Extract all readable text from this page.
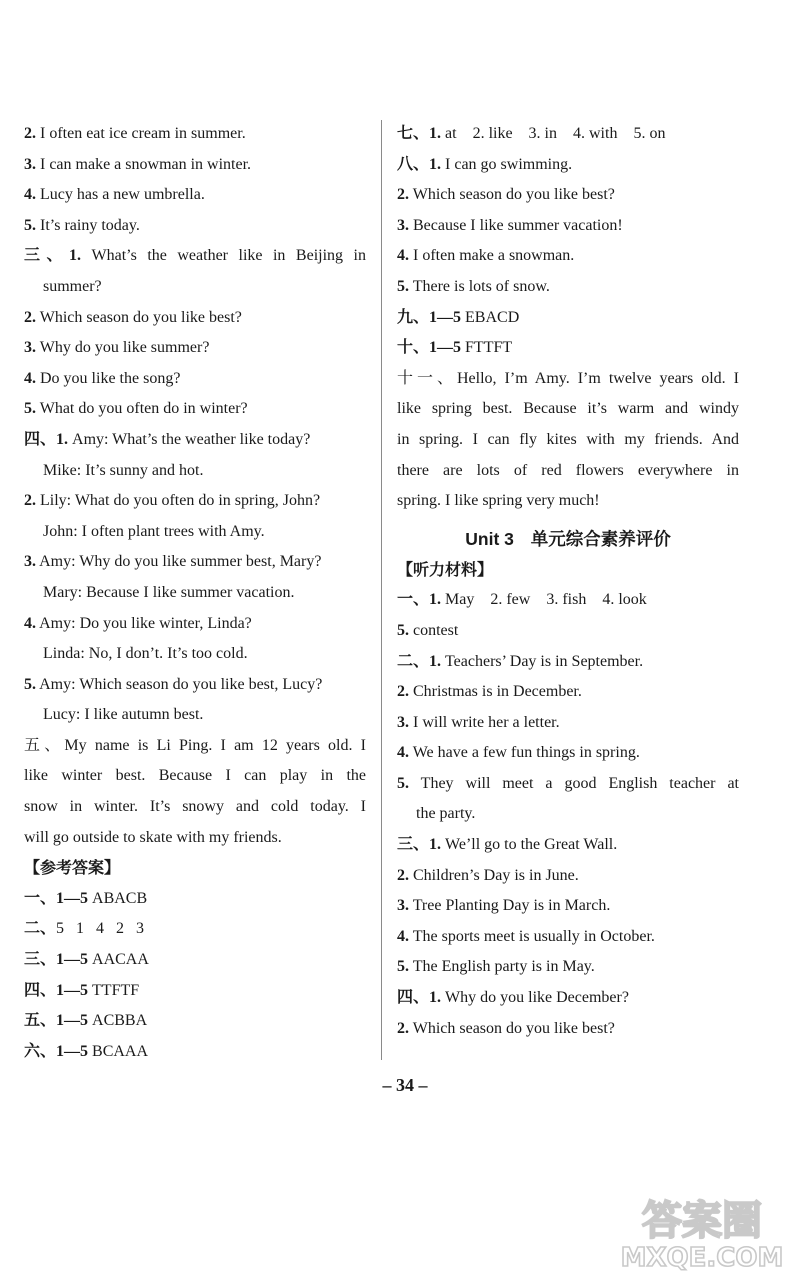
2. I often eat ice cream in summer.
3. I can make a snowman in winter.
4. Lucy has a new umbrella.
5. It’s rainy today.
三、1. What’s the weather like in Beijing in
summer?
2. Which season do you like best?
3. Why do you like summer?
4. Do you like the song?
5. What do you often do in winter?
四、1. Amy: What’s the weather like today?
Mike: It’s sunny and hot.
2. Lily: What do you often do in spring, John?
John: I often plant trees with Amy.
3. Amy: Why do you like summer best, Mary?
Mary: Because I like summer vacation.
4. Amy: Do you like winter, Linda?
Linda: No, I don’t. It’s too cold.
5. Amy: Which season do you like best, Lucy?
Lucy: I like autumn best.
五、My name is Li Ping. I am 12 years old. I
like winter best. Because I can play in the
snow in winter. It’s snowy and cold today. I
will go outside to skate with my friends.
【参考答案】
一、1—5 ABACB
二、5   1   4   2   3
三、1—5 AACAA
四、1—5 TTFTF
五、1—5 ACBBA
六、1—5 BCAAA
七、1. at    2. like    3. in    4. with    5. on
八、1. I can go swimming.
2. Which season do you like best?
3. Because I like summer vacation!
4. I often make a snowman.
5. There is lots of snow.
九、1—5 EBACD
十、1—5 FTTFT
十一、Hello, I’m Amy. I’m twelve years old. I
like spring best. Because it’s warm and windy
in spring. I can fly kites with my friends. And
there are lots of red flowers everywhere in
spring. I like spring very much!
Unit 3 单元综合素养评价
【听力材料】
一、1. May    2. few    3. fish    4. look
5. contest
二、1. Teachers’ Day is in September.
2. Christmas is in December.
3. I will write her a letter.
4. We have a few fun things in spring.
5. They will meet a good English teacher at
the party.
三、1. We’ll go to the Great Wall.
2. Children’s Day is in June.
3. Tree Planting Day is in March.
4. The sports meet is usually in October.
5. The English party is in May.
四、1. Why do you like December?
2. Which season do you like best?
– 34 –
答案圈
MXQE.COM
